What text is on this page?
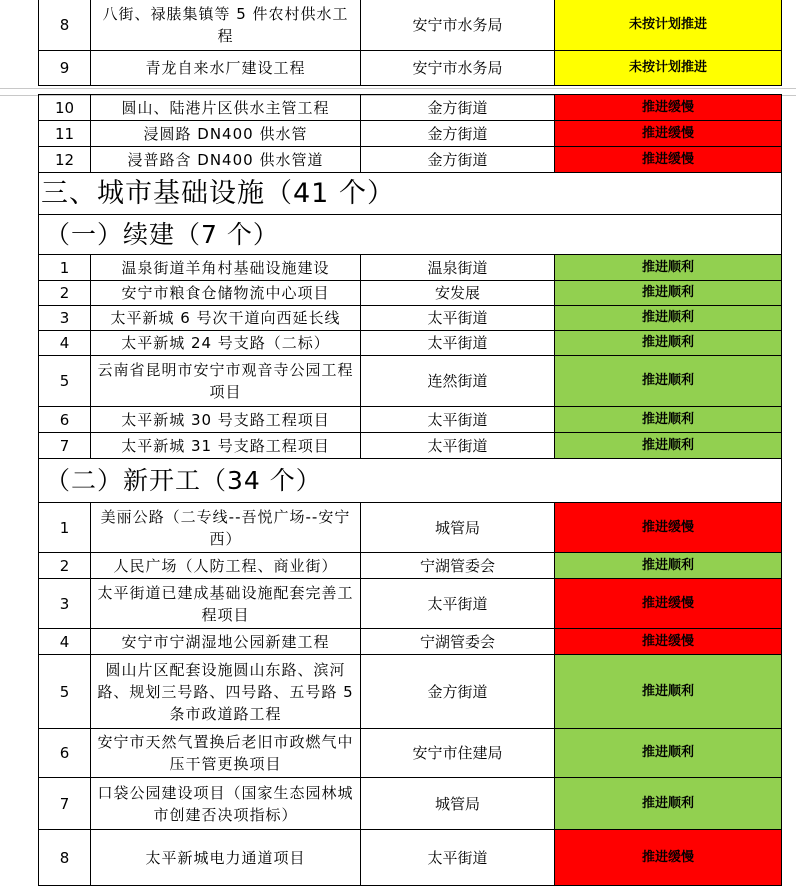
8	八街、禄脿集镇等 5 件农村供水工程	安宁市水务局	未按计划推进
9	青龙自来水厂建设工程	安宁市水务局	未按计划推进
10	圆山、陆港片区供水主管工程	金方街道	推进缓慢
11	浸圆路 DN400 供水管	金方街道	推进缓慢
12	浸普路含 DN400 供水管道	金方街道	推进缓慢
三、城市基础设施（41 个）			
（一）续建（7 个）			
1	温泉街道羊角村基础设施建设	温泉街道	推进顺利
2	安宁市粮食仓储物流中心项目	安发展	推进顺利
3	太平新城 6 号次干道向西延长线	太平街道	推进顺利
4	太平新城 24 号支路（二标）	太平街道	推进顺利
5	云南省昆明市安宁市观音寺公园工程项目	连然街道	推进顺利
6	太平新城 30 号支路工程项目	太平街道	推进顺利
7	太平新城 31 号支路工程项目	太平街道	推进顺利
（二）新开工（34 个）			
1	美丽公路（二专线--吾悦广场--安宁西）	城管局	推进缓慢
2	人民广场（人防工程、商业街）	宁湖管委会	推进顺利
3	太平街道已建成基础设施配套完善工程项目	太平街道	推进缓慢
4	安宁市宁湖湿地公园新建工程	宁湖管委会	推进缓慢
5	圆山片区配套设施圆山东路、滨河路、规划三号路、四号路、五号路 5 条市政道路工程	金方街道	推进顺利
6	安宁市天然气置换后老旧市政燃气中压干管更换项目	安宁市住建局	推进顺利
7	口袋公园建设项目（国家生态园林城市创建否决项指标）	城管局	推进顺利
8	太平新城电力通道项目	太平街道	推进缓慢
